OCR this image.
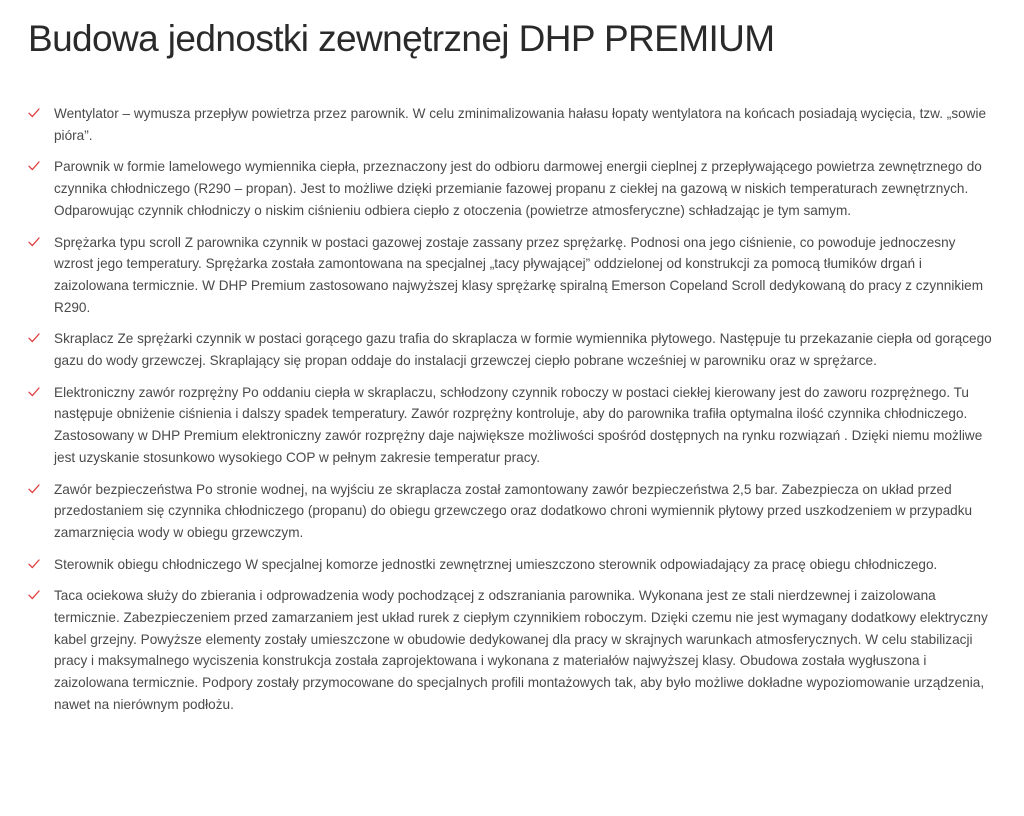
Budowa jednostki zewnętrznej DHP PREMIUM
Wentylator – wymusza przepływ powietrza przez parownik. W celu zminimalizowania hałasu łopaty wentylatora na końcach posiadają wycięcia, tzw. „sowie pióra”.
Parownik w formie lamelowego wymiennika ciepła, przeznaczony jest do odbioru darmowej energii cieplnej z przepływającego powietrza zewnętrznego do czynnika chłodniczego (R290 – propan). Jest to możliwe dzięki przemianie fazowej propanu z ciekłej na gazową w niskich temperaturach zewnętrznych. Odparowując czynnik chłodniczy o niskim ciśnieniu odbiera ciepło z otoczenia (powietrze atmosferyczne) schładzając je tym samym.
Sprężarka typu scroll Z parownika czynnik w postaci gazowej zostaje zassany przez sprężarkę. Podnosi ona jego ciśnienie, co powoduje jednoczesny wzrost jego temperatury. Sprężarka została zamontowana na specjalnej „tacy pływającej” oddzielonej od konstrukcji za pomocą tłumików drgań i zaizolowana termicznie. W DHP Premium zastosowano najwyższej klasy sprężarkę spiralną Emerson Copeland Scroll dedykowaną do pracy z czynnikiem R290.
Skraplacz Ze sprężarki czynnik w postaci gorącego gazu trafia do skraplacza w formie wymiennika płytowego. Następuje tu przekazanie ciepła od gorącego gazu do wody grzewczej. Skraplający się propan oddaje do instalacji grzewczej ciepło pobrane wcześniej w parowniku oraz w sprężarce.
Elektroniczny zawór rozprężny Po oddaniu ciepła w skraplaczu, schłodzony czynnik roboczy w postaci ciekłej kierowany jest do zaworu rozprężnego. Tu następuje obniżenie ciśnienia i dalszy spadek temperatury. Zawór rozprężny kontroluje, aby do parownika trafiła optymalna ilość czynnika chłodniczego. Zastosowany w DHP Premium elektroniczny zawór rozprężny daje największe możliwości spośród dostępnych na rynku rozwiązań . Dzięki niemu możliwe jest uzyskanie stosunkowo wysokiego COP w pełnym zakresie temperatur pracy.
Zawór bezpieczeństwa Po stronie wodnej, na wyjściu ze skraplacza został zamontowany zawór bezpieczeństwa 2,5 bar. Zabezpiecza on układ przed przedostaniem się czynnika chłodniczego (propanu) do obiegu grzewczego oraz dodatkowo chroni wymiennik płytowy przed uszkodzeniem w przypadku zamarznięcia wody w obiegu grzewczym.
Sterownik obiegu chłodniczego W specjalnej komorze jednostki zewnętrznej umieszczono sterownik odpowiadający za pracę obiegu chłodniczego.
Taca ociekowa służy do zbierania i odprowadzenia wody pochodzącej z odszraniania parownika. Wykonana jest ze stali nierdzewnej i zaizolowana termicznie. Zabezpieczeniem przed zamarzaniem jest układ rurek z ciepłym czynnikiem roboczym. Dzięki czemu nie jest wymagany dodatkowy elektryczny kabel grzejny. Powyższe elementy zostały umieszczone w obudowie dedykowanej dla pracy w skrajnych warunkach atmosferycznych. W celu stabilizacji pracy i maksymalnego wyciszenia konstrukcja została zaprojektowana i wykonana z materiałów najwyższej klasy. Obudowa została wygłuszona i zaizolowana termicznie. Podpory zostały przymocowane do specjalnych profili montażowych tak, aby było możliwe dokładne wypoziomowanie urządzenia, nawet na nierównym podłożu.
